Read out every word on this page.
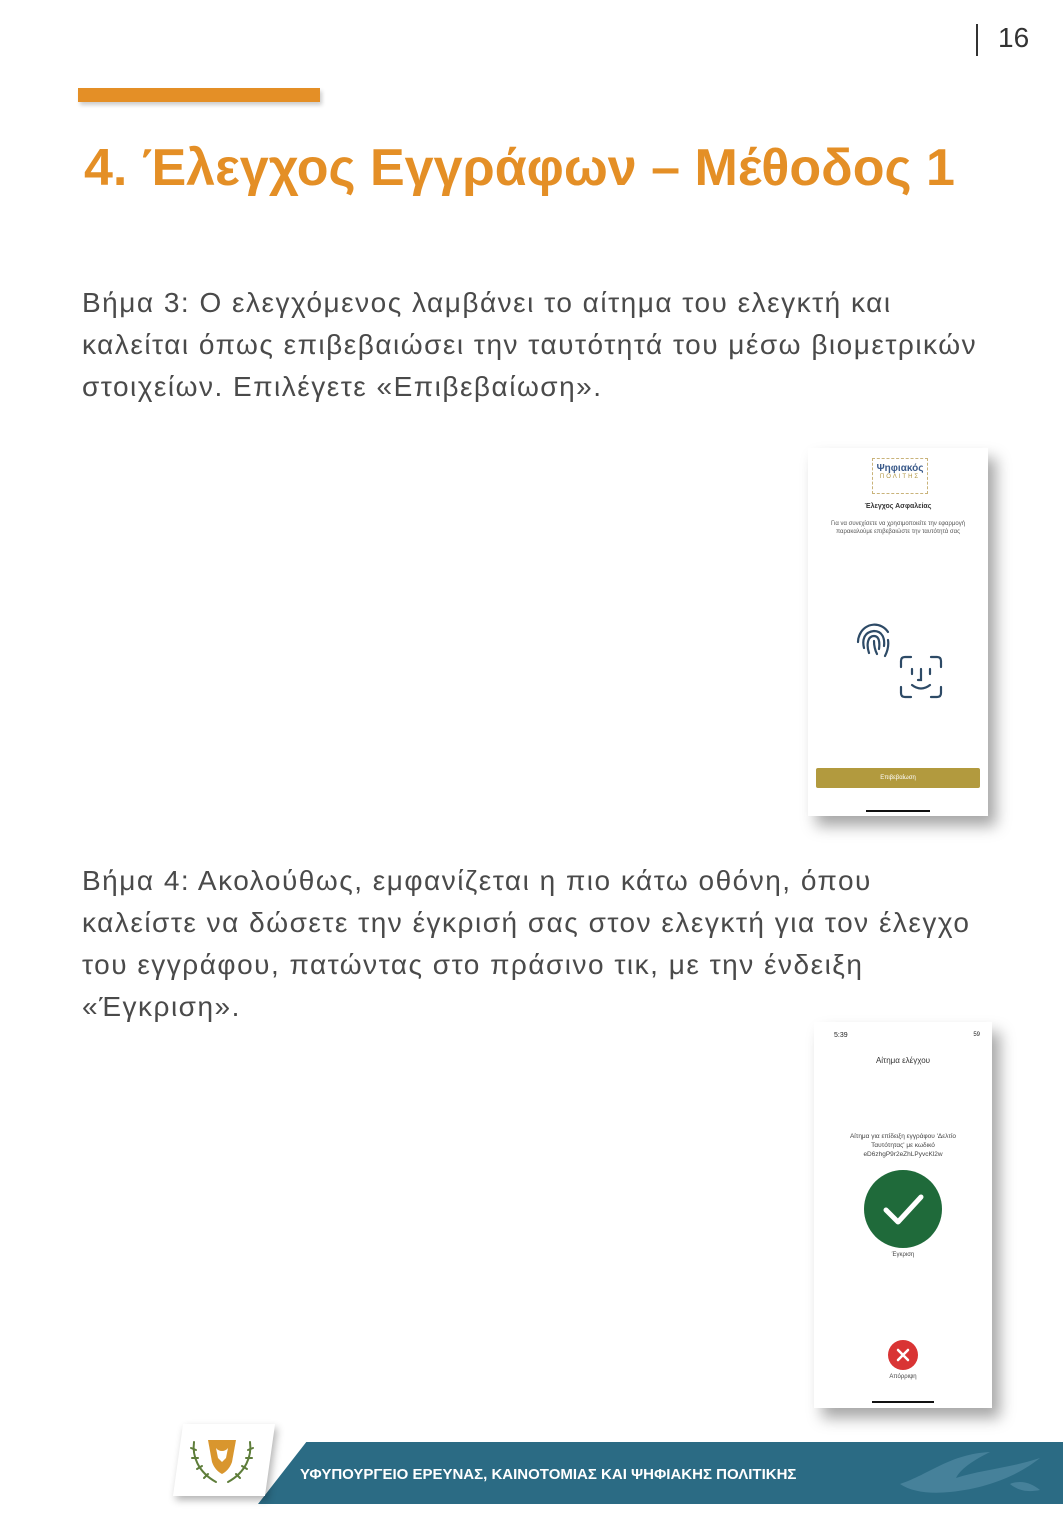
16
4. Έλεγχος Εγγράφων – Μέθοδος 1

Βήμα 3: Ο ελεγχόμενος λαμβάνει το αίτημα του ελεγκτή και καλείται όπως επιβεβαιώσει την ταυτότητά του μέσω βιομετρικών στοιχείων. Επιλέγετε «Επιβεβαίωση».

Ψηφιακός
ΠΟΛΙΤΗΣ
Έλεγχος Ασφαλείας
Για να συνεχίσετε να χρησιμοποιείτε την εφαρμογή παρακαλούμε επιβεβαιώστε την ταυτότητά σας
Επιβεβαίωση

Βήμα 4: Ακολούθως, εμφανίζεται η πιο κάτω οθόνη, όπου καλείστε να δώσετε την έγκρισή σας στον ελεγκτή για τον έλεγχο του εγγράφου, πατώντας στο πράσινο τικ, με την ένδειξη «Έγκριση».

5:39	59
Αίτημα ελέγχου
Αίτημα για επίδειξη εγγράφου 'Δελτίο
Ταυτότητας' με κωδικό
eD6zhgP9r2eZhLPyvcKl2w
Έγκριση
Απόρριψη
ΥΦΥΠΟΥΡΓΕΙΟ ΕΡΕΥΝΑΣ, ΚΑΙΝΟΤΟΜΙΑΣ ΚΑΙ ΨΗΦΙΑΚΗΣ ΠΟΛΙΤΙΚΗΣ
